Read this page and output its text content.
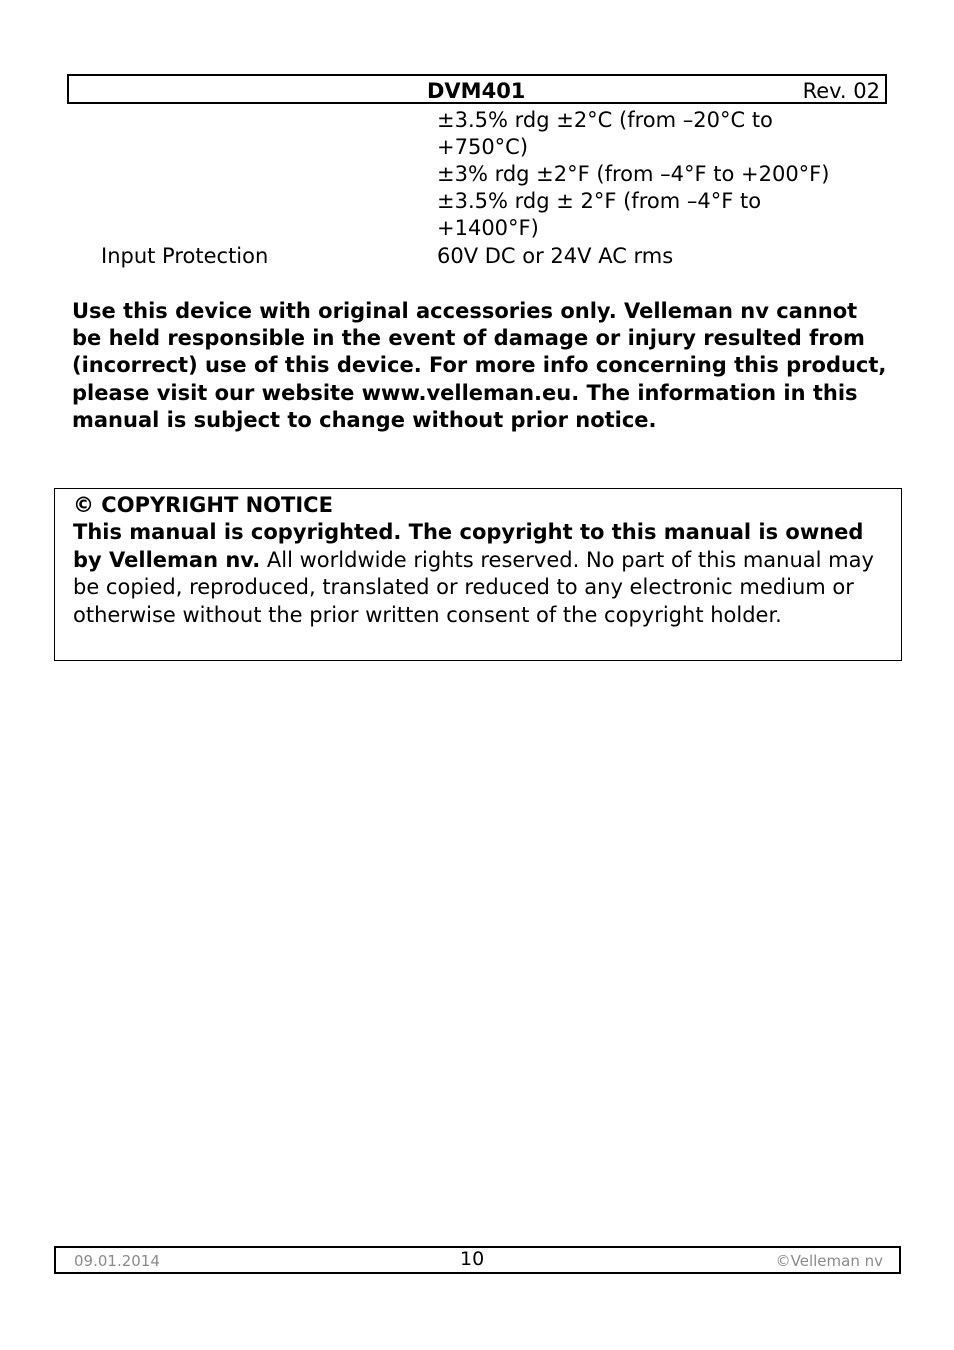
DVM401	Rev. 02
±3.5% rdg ±2°C (from –20°C to
+750°C)
±3% rdg ±2°F (from –4°F to +200°F)
±3.5% rdg ± 2°F (from –4°F to
+1400°F)
Input Protection	60V DC or 24V AC rms

Use this device with original accessories only. Velleman nv cannot be held responsible in the event of damage or injury resulted from (incorrect) use of this device. For more info concerning this product, please visit our website www.velleman.eu. The information in this manual is subject to change without prior notice.

© COPYRIGHT NOTICE
This manual is copyrighted. The copyright to this manual is owned by Velleman nv. All worldwide rights reserved. No part of this manual may be copied, reproduced, translated or reduced to any electronic medium or otherwise without the prior written consent of the copyright holder.

09.01.2014	10	©Velleman nv
